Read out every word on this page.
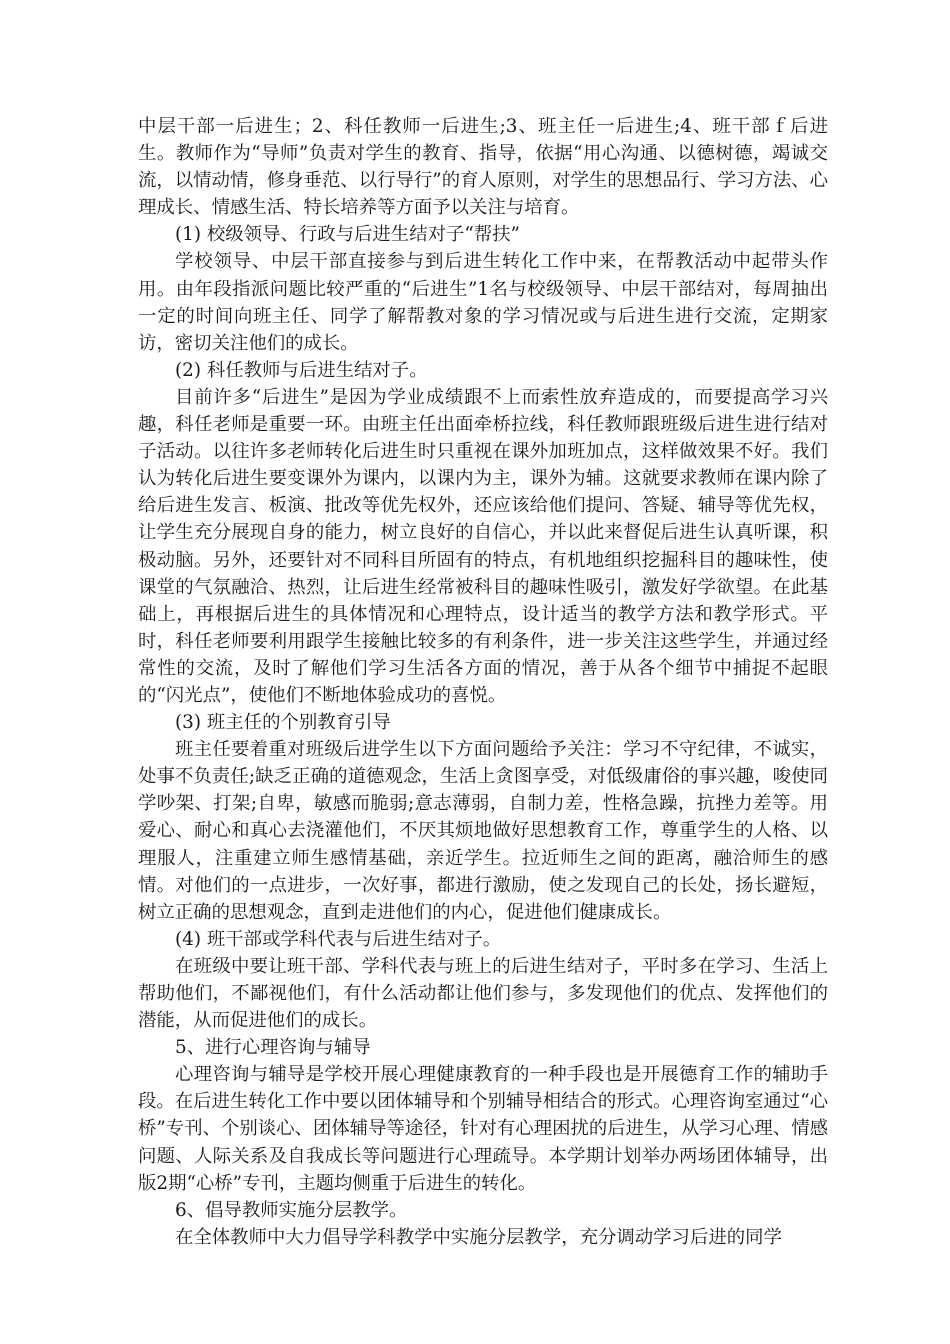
中层干部一后进生；2、科任教师一后进生;3、班主任一后进生;4、班干部ｆ后进生。教师作为“导师”负责对学生的教育、指导，依据“用心沟通、以德树德，竭诚交流，以情动情，修身垂范、以行导行”的育人原则，对学生的思想品行、学习方法、心理成长、情感生活、特长培养等方面予以关注与培育。

(1) 校级领导、行政与后进生结对子“帮扶”

学校领导、中层干部直接参与到后进生转化工作中来，在帮教活动中起带头作用。由年段指派问题比较严重的“后进生”1名与校级领导、中层干部结对，每周抽出一定的时间向班主任、同学了解帮教对象的学习情况或与后进生进行交流，定期家访，密切关注他们的成长。

(2) 科任教师与后进生结对子。

目前许多“后进生”是因为学业成绩跟不上而索性放弃造成的，而要提高学习兴趣，科任老师是重要一环。由班主任出面牵桥拉线，科任教师跟班级后进生进行结对子活动。以往许多老师转化后进生时只重视在课外加班加点，这样做效果不好。我们认为转化后进生要变课外为课内，以课内为主，课外为辅。这就要求教师在课内除了给后进生发言、板演、批改等优先权外，还应该给他们提问、答疑、辅导等优先权，让学生充分展现自身的能力，树立良好的自信心，并以此来督促后进生认真听课，积极动脑。另外，还要针对不同科目所固有的特点，有机地组织挖掘科目的趣味性，使课堂的气氛融洽、热烈，让后进生经常被科目的趣味性吸引，激发好学欲望。在此基础上，再根据后进生的具体情况和心理特点，设计适当的教学方法和教学形式。平时，科任老师要利用跟学生接触比较多的有利条件，进一步关注这些学生，并通过经常性的交流，及时了解他们学习生活各方面的情况，善于从各个细节中捕捉不起眼的“闪光点”，使他们不断地体验成功的喜悦。

(3) 班主任的个别教育引导

班主任要着重对班级后进学生以下方面问题给予关注：学习不守纪律，不诚实，处事不负责任;缺乏正确的道德观念，生活上贪图享受，对低级庸俗的事兴趣，唆使同学吵架、打架;自卑，敏感而脆弱;意志薄弱，自制力差，性格急躁，抗挫力差等。用爱心、耐心和真心去浇灌他们，不厌其烦地做好思想教育工作，尊重学生的人格、以理服人，注重建立师生感情基础，亲近学生。拉近师生之间的距离，融洽师生的感情。对他们的一点进步，一次好事，都进行激励，使之发现自己的长处，扬长避短，树立正确的思想观念，直到走进他们的内心，促进他们健康成长。

(4) 班干部或学科代表与后进生结对子。

在班级中要让班干部、学科代表与班上的后进生结对子，平时多在学习、生活上帮助他们，不鄙视他们，有什么活动都让他们参与，多发现他们的优点、发挥他们的潜能，从而促进他们的成长。

5、进行心理咨询与辅导

心理咨询与辅导是学校开展心理健康教育的一种手段也是开展德育工作的辅助手段。在后进生转化工作中要以团体辅导和个别辅导相结合的形式。心理咨询室通过“心桥”专刊、个别谈心、团体辅导等途径，针对有心理困扰的后进生，从学习心理、情感问题、人际关系及自我成长等问题进行心理疏导。本学期计划举办两场团体辅导，出版2期“心桥”专刊，主题均侧重于后进生的转化。

6、倡导教师实施分层教学。

在全体教师中大力倡导学科教学中实施分层教学，充分调动学习后进的同学
